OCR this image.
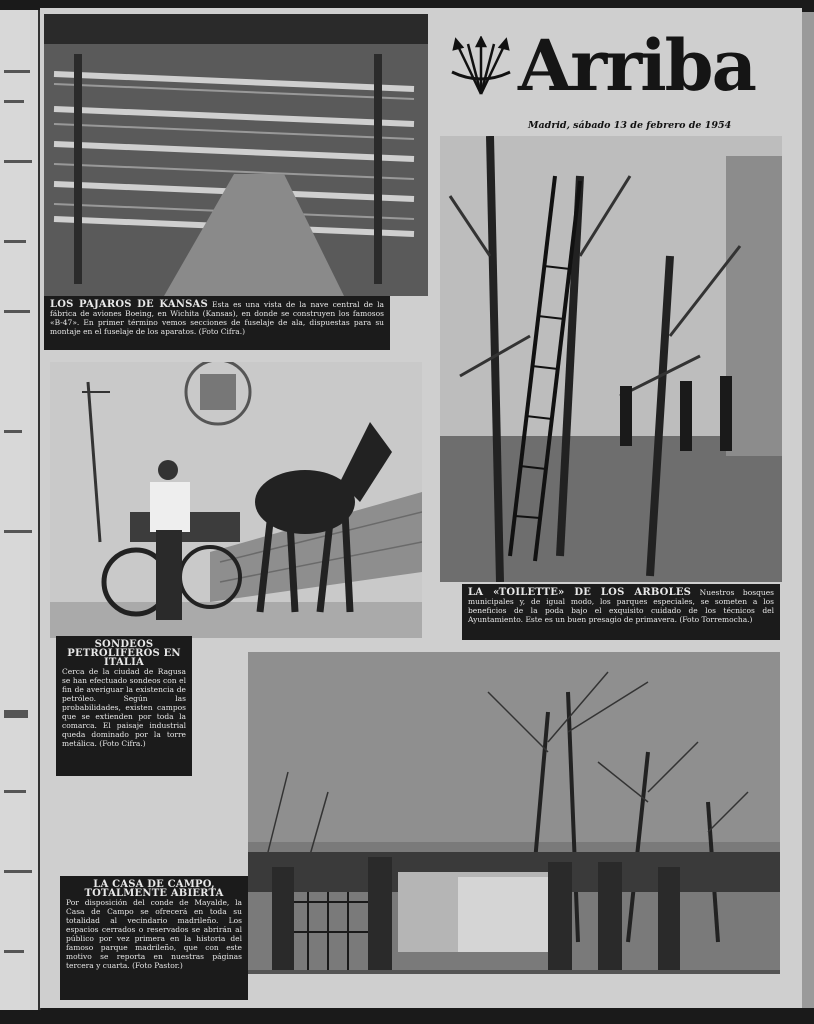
LOS PAJAROS DE KANSAS Esta es una vista de la nave central de la fábrica de aviones Boeing, en Wichita (Kansas), en donde se construyen los famosos «B-47». En primer término vemos secciones de fuselaje de ala, dispuestas para su montaje en el fuselaje de los aparatos. (Foto Cifra.)
Arriba
Madrid, sábado 13 de febrero de 1954
LA «TOILETTE» DE LOS ARBOLES Nuestros bosques municipales y, de igual modo, los parques especiales, se someten a los beneficios de la poda bajo el exquisito cuidado de los técnicos del Ayuntamiento. Este es un buen presagio de primavera. (Foto Torremocha.)
SONDEOS PETROLIFEROS EN ITALIA
Cerca de la ciudad de Ragusa se han efectuado sondeos con el fin de averiguar la existencia de petróleo. Según las probabilidades, existen campos que se extienden por toda la comarca. El paisaje industrial queda dominado por la torre metálica. (Foto Cifra.)
LA CASA DE CAMPO, TOTALMENTE ABIERTA
Por disposición del conde de Mayalde, la Casa de Campo se ofrecerá en toda su totalidad al vecindario madrileño. Los espacios cerrados o reservados se abrirán al público por vez primera en la historia del famoso parque madrileño, que con este motivo se reporta en nuestras páginas tercera y cuarta. (Foto Pastor.)
